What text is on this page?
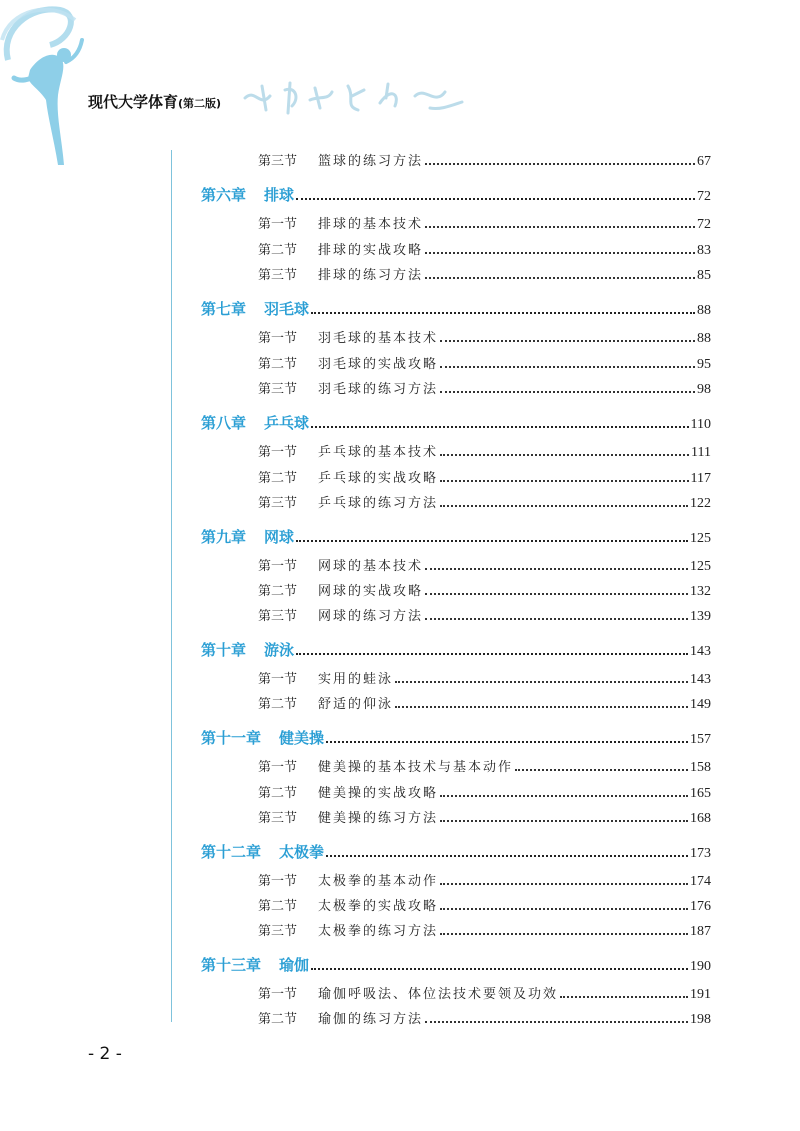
现代大学体育(第二版)
第三节	篮球的练习方法	67
第六章 排球	72
第一节	排球的基本技术	72
第二节	排球的实战攻略	83
第三节	排球的练习方法	85
第七章 羽毛球	88
第一节	羽毛球的基本技术	88
第二节	羽毛球的实战攻略	95
第三节	羽毛球的练习方法	98
第八章 乒乓球	110
第一节	乒乓球的基本技术	111
第二节	乒乓球的实战攻略	117
第三节	乒乓球的练习方法	122
第九章 网球	125
第一节	网球的基本技术	125
第二节	网球的实战攻略	132
第三节	网球的练习方法	139
第十章 游泳	143
第一节	实用的蛙泳	143
第二节	舒适的仰泳	149
第十一章 健美操	157
第一节	健美操的基本技术与基本动作	158
第二节	健美操的实战攻略	165
第三节	健美操的练习方法	168
第十二章 太极拳	173
第一节	太极拳的基本动作	174
第二节	太极拳的实战攻略	176
第三节	太极拳的练习方法	187
第十三章 瑜伽	190
第一节	瑜伽呼吸法、体位法技术要领及功效	191
第二节	瑜伽的练习方法	198
- 2 -
